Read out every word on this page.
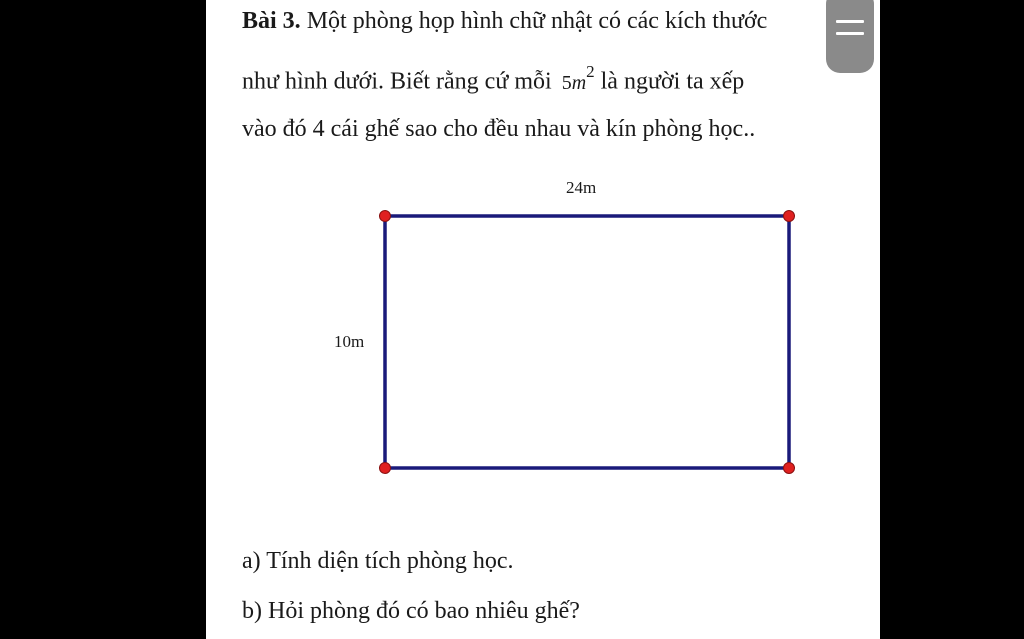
Bài 3. Một phòng họp hình chữ nhật có các kích thước
như hình dưới. Biết rằng cứ mỗi $5m^2$ là người ta xếp
vào đó 4 cái ghế sao cho đều nhau và kín phòng học..
24m
10m
a) Tính diện tích phòng học.
b) Hỏi phòng đó có bao nhiêu ghế?
